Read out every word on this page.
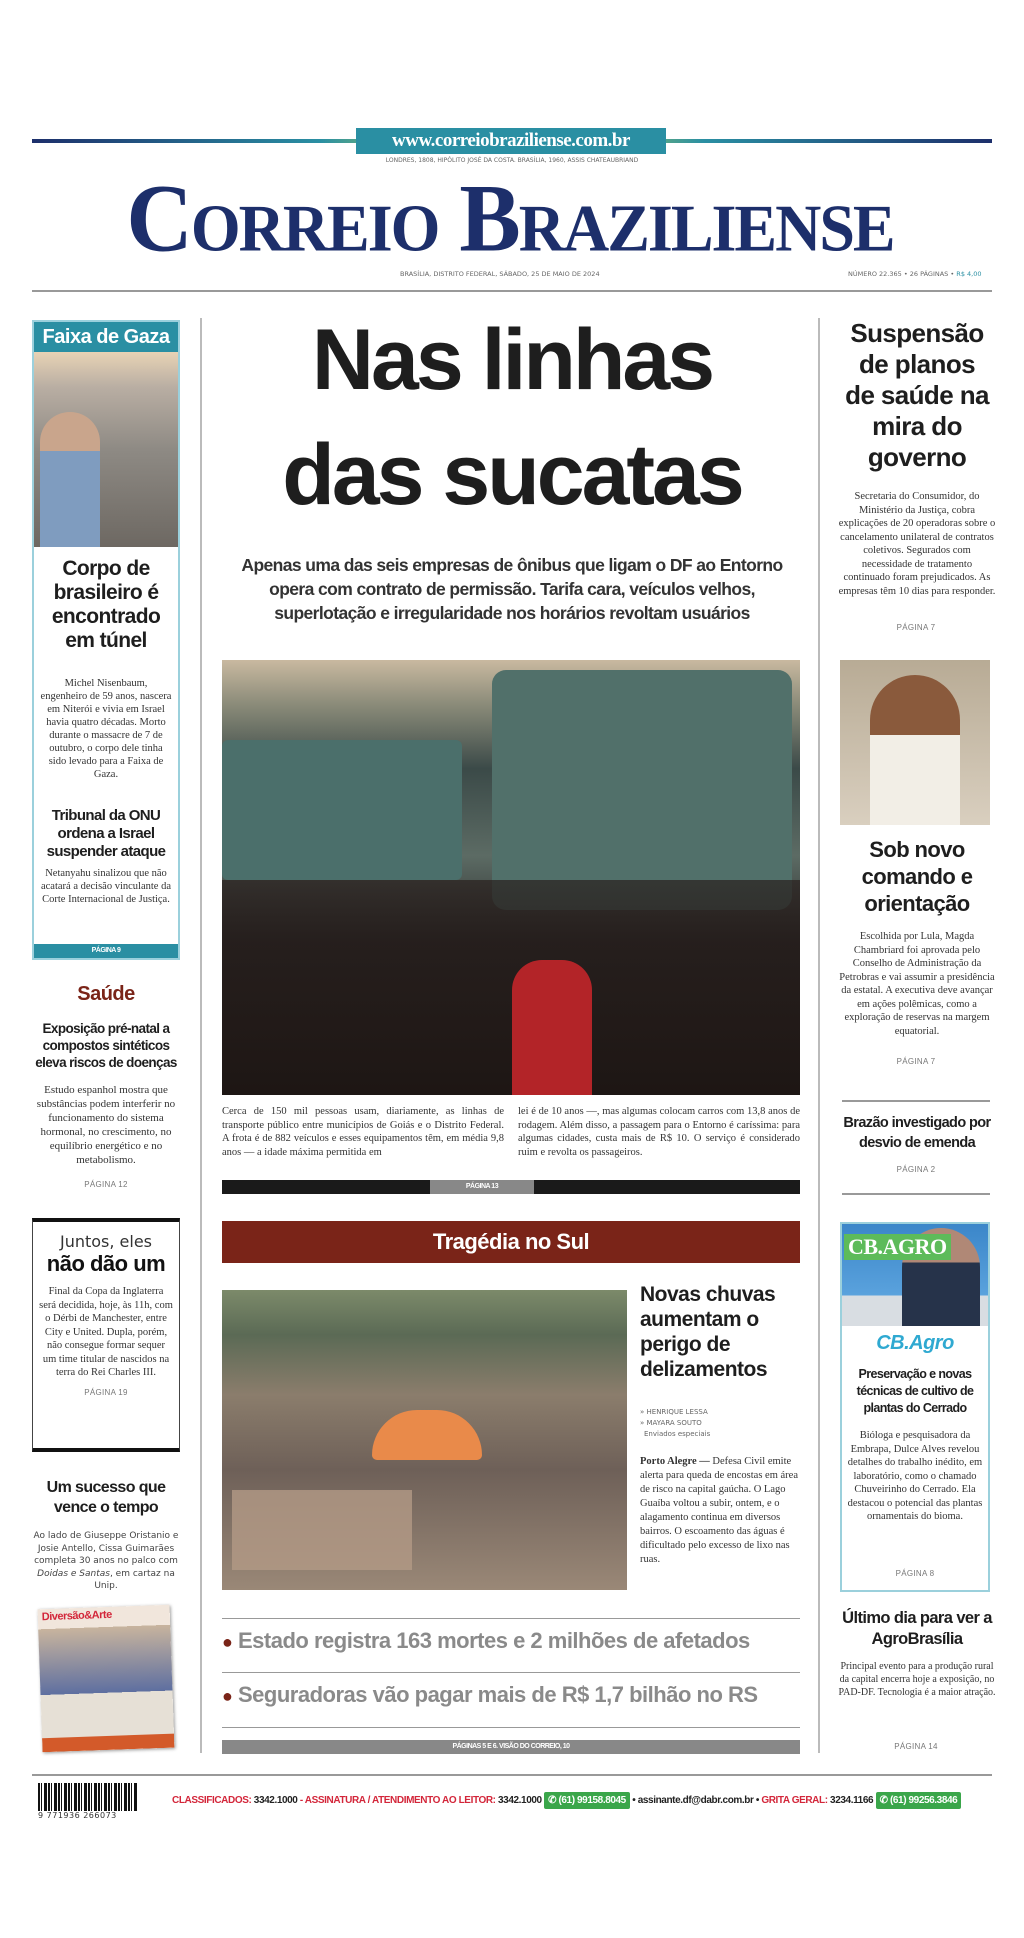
www.correiobraziliense.com.br
LONDRES, 1808, HIPÓLITO JOSÉ DA COSTA. BRASÍLIA, 1960, ASSIS CHATEAUBRIAND
Correio Braziliense
BRASÍLIA, DISTRITO FEDERAL, SÁBADO, 25 DE MAIO DE 2024	NÚMERO 22.365 • 26 PÁGINAS • R$ 4,00
Faixa de Gaza
Corpo de brasileiro é encontrado em túnel
Michel Nisenbaum, engenheiro de 59 anos, nascera em Niterói e vivia em Israel havia quatro décadas. Morto durante o massacre de 7 de outubro, o corpo dele tinha sido levado para a Faixa de Gaza.
Tribunal da ONU ordena a Israel suspender ataque
Netanyahu sinalizou que não acatará a decisão vinculante da Corte Internacional de Justiça.
PÁGINA 9
Saúde
Exposição pré-natal a compostos sintéticos eleva riscos de doenças
Estudo espanhol mostra que substâncias podem interferir no funcionamento do sistema hormonal, no crescimento, no equilíbrio energético e no metabolismo.
PÁGINA 12
Juntos, eles
não dão um
Final da Copa da Inglaterra será decidida, hoje, às 11h, com o Dérbi de Manchester, entre City e United. Dupla, porém, não consegue formar sequer um time titular de nascidos na terra do Rei Charles III.
PÁGINA 19
Um sucesso que vence o tempo
Ao lado de Giuseppe Oristanio e Josie Antello, Cissa Guimarães completa 30 anos no palco com Doidas e Santas, em cartaz na Unip.
Diversão&Arte
Nas linhas
das sucatas
Apenas uma das seis empresas de ônibus que ligam o DF ao Entorno opera com contrato de permissão. Tarifa cara, veículos velhos, superlotação e irregularidade nos horários revoltam usuários
Cerca de 150 mil pessoas usam, diariamente, as linhas de transporte público entre municípios de Goiás e o Distrito Federal. A frota é de 882 veículos e esses equipamentos têm, em média 9,8 anos — a idade máxima permitida em
lei é de 10 anos —, mas algumas colocam carros com 13,8 anos de rodagem. Além disso, a passagem para o Entorno é caríssima: para algumas cidades, custa mais de R$ 10. O serviço é considerado ruim e revolta os passageiros.
PÁGINA 13
Tragédia no Sul
Novas chuvas aumentam o perigo de delizamentos
» HENRIQUE LESSA
» MAYARA SOUTO
Enviados especiais
Porto Alegre — Defesa Civil emite alerta para queda de encostas em área de risco na capital gaúcha. O Lago Guaíba voltou a subir, ontem, e o alagamento continua em diversos bairros. O escoamento das águas é dificultado pelo excesso de lixo nas ruas.
● Estado registra 163 mortes e 2 milhões de afetados
● Seguradoras vão pagar mais de R$ 1,7 bilhão no RS
PÁGINAS 5 E 6. VISÃO DO CORREIO, 10
Suspensão de planos de saúde na mira do governo
Secretaria do Consumidor, do Ministério da Justiça, cobra explicações de 20 operadoras sobre o cancelamento unilateral de contratos coletivos. Segurados com necessidade de tratamento continuado foram prejudicados. As empresas têm 10 dias para responder.
PÁGINA 7
Sob novo comando e orientação
Escolhida por Lula, Magda Chambriard foi aprovada pelo Conselho de Administração da Petrobras e vai assumir a presidência da estatal. A executiva deve avançar em ações polêmicas, como a exploração de reservas na margem equatorial.
PÁGINA 7
Brazão investigado por desvio de emenda
PÁGINA 2
CB.AGRO
CB.Agro
Preservação e novas técnicas de cultivo de plantas do Cerrado
Bióloga e pesquisadora da Embrapa, Dulce Alves revelou detalhes do trabalho inédito, em laboratório, como o chamado Chuveirinho do Cerrado. Ela destacou o potencial das plantas ornamentais do bioma.
PÁGINA 8
Último dia para ver a AgroBrasília
Principal evento para a produção rural da capital encerra hoje a exposição, no PAD-DF. Tecnologia é a maior atração.
PÁGINA 14
9 771936 266073
CLASSIFICADOS: 3342.1000 - ASSINATURA / ATENDIMENTO AO LEITOR: 3342.1000 ✆ (61) 99158.8045 • assinante.df@dabr.com.br • GRITA GERAL: 3234.1166 ✆ (61) 99256.3846
